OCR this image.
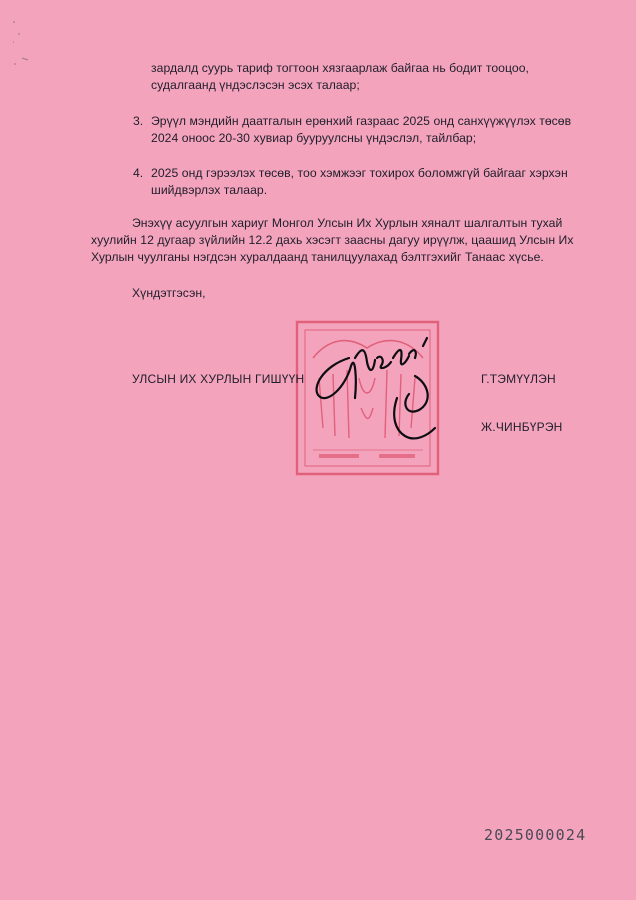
зардалд суурь тариф тогтоон хязгаарлаж байгаа нь бодит тооцоо,
судалгаанд үндэслэсэн эсэх талаар;
3. Эрүүл мэндийн даатгалын ерөнхий газраас 2025 онд санхүүжүүлэх төсөв
2024 оноос 20-30 хувиар бууруулсны үндэслэл, тайлбар;
4. 2025 онд гэрээлэх төсөв, тоо хэмжээг тохирох боломжгүй байгааг хэрхэн
шийдвэрлэх талаар.
Энэхүү асуулгын хариуг Монгол Улсын Их Хурлын хяналт шалгалтын тухай
хуулийн 12 дугаар зүйлийн 12.2 дахь хэсэгт заасны дагуу ирүүлж, цаашид Улсын Их
Хурлын чуулганы нэгдсэн хуралдаанд танилцуулахад бэлтгэхийг Танаас хүсье.
Хүндэтгэсэн,
УЛСЫН ИХ ХУРЛЫН ГИШҮҮН	Г.ТЭМҮҮЛЭН
Ж.ЧИНБҮРЭН
2025000024
